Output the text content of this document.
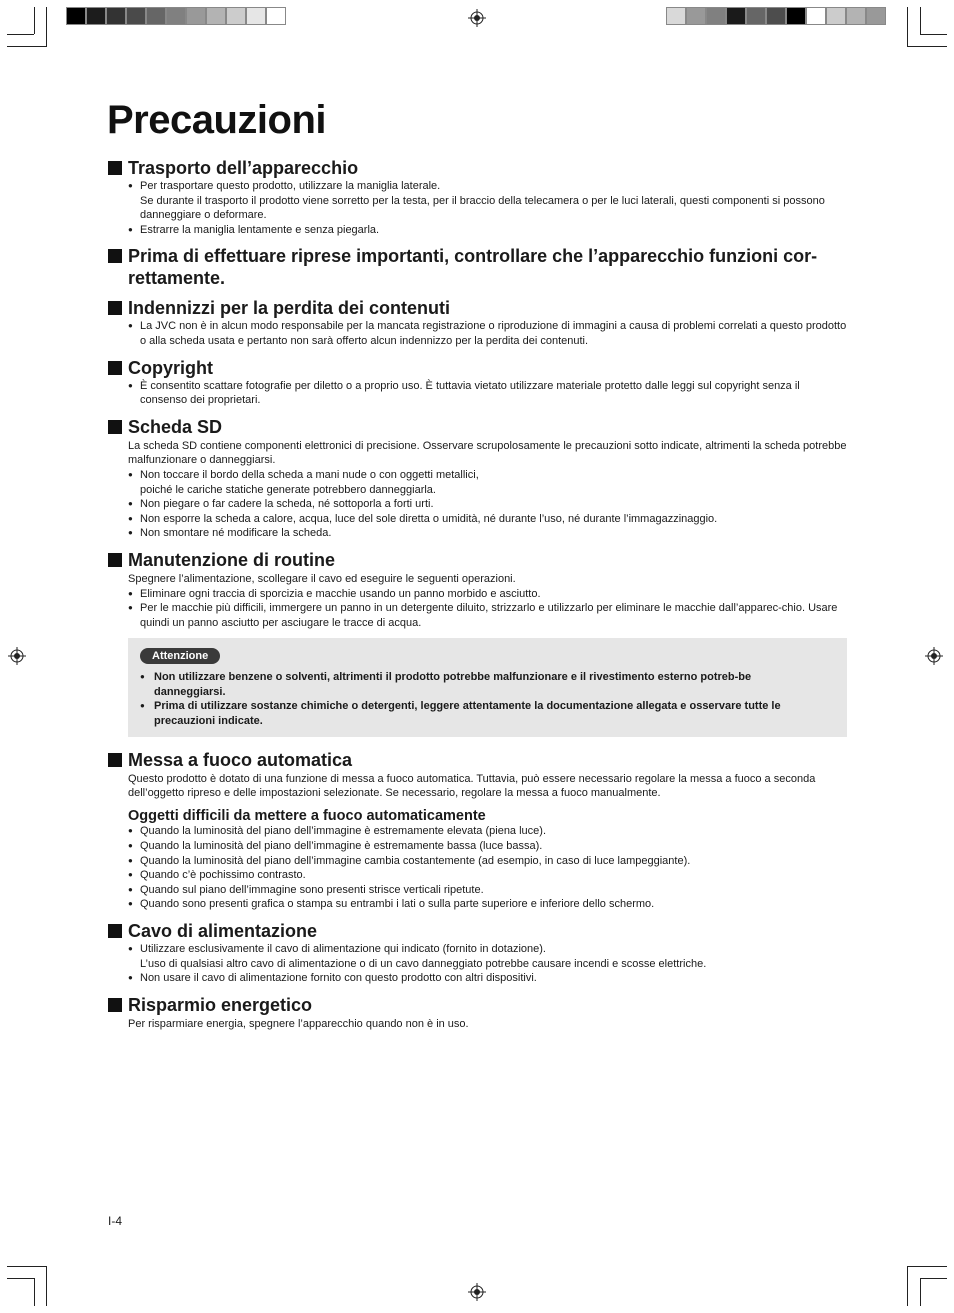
Precauzioni
Trasporto dell’apparecchio
● Per trasportare questo prodotto, utilizzare la maniglia laterale.
Se durante il trasporto il prodotto viene sorretto per la testa, per il braccio della telecamera o per le luci laterali, questi componenti si possono danneggiare o deformare.
● Estrarre la maniglia lentamente e senza piegarla.
Prima di effettuare riprese importanti, controllare che l’apparecchio funzioni cor-rettamente.
Indennizzi per la perdita dei contenuti
● La JVC non è in alcun modo responsabile per la mancata registrazione o riproduzione di immagini a causa di problemi correlati a questo prodotto o alla scheda usata e pertanto non sarà offerto alcun indennizzo per la perdita dei contenuti.
Copyright
● È consentito scattare fotografie per diletto o a proprio uso. È tuttavia vietato utilizzare materiale protetto dalle leggi sul copyright senza il consenso dei proprietari.
Scheda SD

La scheda SD contiene componenti elettronici di precisione. Osservare scrupolosamente le precauzioni sotto indicate, altrimenti la scheda potrebbe malfunzionare o danneggiarsi.

● Non toccare il bordo della scheda a mani nude o con oggetti metallici,
poiché le cariche statiche generate potrebbero danneggiarla.
● Non piegare o far cadere la scheda, né sottoporla a forti urti.
● Non esporre la scheda a calore, acqua, luce del sole diretta o umidità, né durante l’uso, né durante l’immagazzinaggio.
● Non smontare né modificare la scheda.
Manutenzione di routine

Spegnere l’alimentazione, scollegare il cavo ed eseguire le seguenti operazioni.

● Eliminare ogni traccia di sporcizia e macchie usando un panno morbido e asciutto.
● Per le macchie più difficili, immergere un panno in un detergente diluito, strizzarlo e utilizzarlo per eliminare le macchie dall’apparec-chio. Usare quindi un panno asciutto per asciugare le tracce di acqua.
Attenzione
● Non utilizzare benzene o solventi, altrimenti il prodotto potrebbe malfunzionare e il rivestimento esterno potreb-be danneggiarsi.
● Prima di utilizzare sostanze chimiche o detergenti, leggere attentamente la documentazione allegata e osservare tutte le precauzioni indicate.
Messa a fuoco automatica

Questo prodotto è dotato di una funzione di messa a fuoco automatica. Tuttavia, può essere necessario regolare la messa a fuoco a seconda dell’oggetto ripreso e delle impostazioni selezionate. Se necessario, regolare la messa a fuoco manualmente.

Oggetti difficili da mettere a fuoco automaticamente
● Quando la luminosità del piano dell’immagine è estremamente elevata (piena luce).
● Quando la luminosità del piano dell’immagine è estremamente bassa (luce bassa).
● Quando la luminosità del piano dell’immagine cambia costantemente (ad esempio, in caso di luce lampeggiante).
● Quando c’è pochissimo contrasto.
● Quando sul piano dell’immagine sono presenti strisce verticali ripetute.
● Quando sono presenti grafica o stampa su entrambi i lati o sulla parte superiore e inferiore dello schermo.
Cavo di alimentazione
● Utilizzare esclusivamente il cavo di alimentazione qui indicato (fornito in dotazione).
L’uso di qualsiasi altro cavo di alimentazione o di un cavo danneggiato potrebbe causare incendi e scosse elettriche.
● Non usare il cavo di alimentazione fornito con questo prodotto con altri dispositivi.
Risparmio energetico

Per risparmiare energia, spegnere l’apparecchio quando non è in uso.

I-4
